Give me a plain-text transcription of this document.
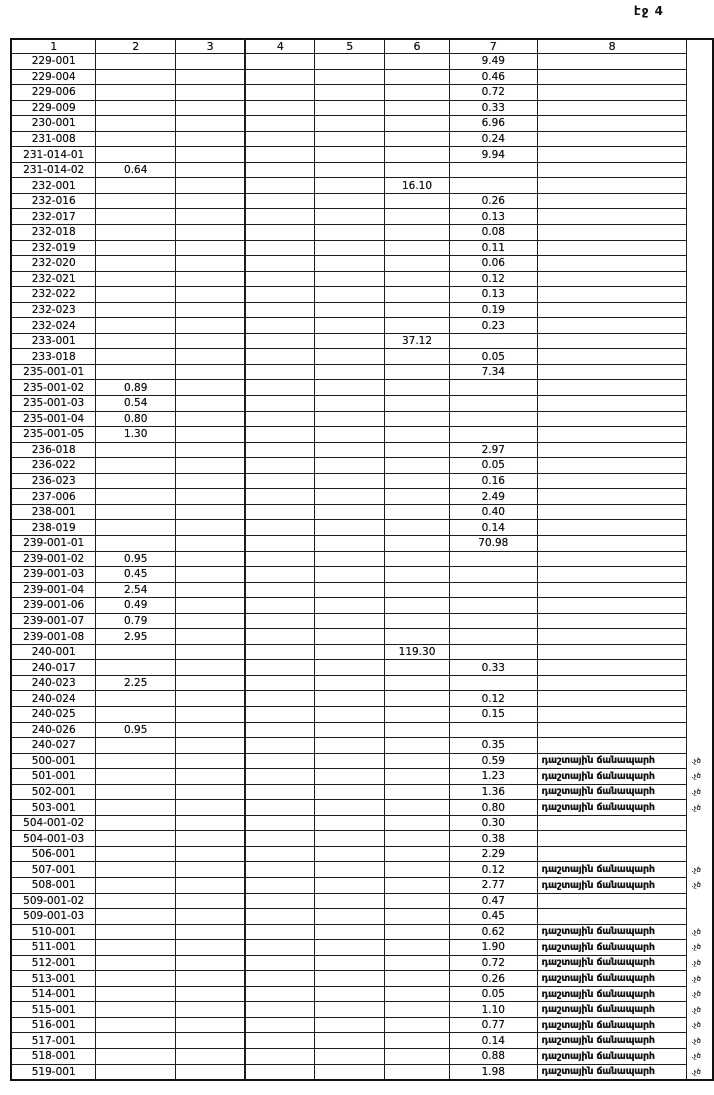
էջ 4
1	2	3	4	5	6	7	8	
229-001						9.49		
229-004						0.46		
229-006						0.72		
229-009						0.33		
230-001						6.96		
231-008						0.24		
231-014-01						9.94		
231-014-02	0.64							
232-001					16.10			
232-016						0.26		
232-017						0.13		
232-018						0.08		
232-019						0.11		
232-020						0.06		
232-021						0.12		
232-022						0.13		
232-023						0.19		
232-024						0.23		
233-001					37.12			
233-018						0.05		
235-001-01						7.34		
235-001-02	0.89							
235-001-03	0.54							
235-001-04	0.80							
235-001-05	1.30							
236-018						2.97		
236-022						0.05		
236-023						0.16		
237-006						2.49		
238-001						0.40		
238-019						0.14		
239-001-01						70.98		
239-001-02	0.95							
239-001-03	0.45							
239-001-04	2.54							
239-001-06	0.49							
239-001-07	0.79							
239-001-08	2.95							
240-001					119.30			
240-017						0.33		
240-023	2.25							
240-024						0.12		
240-025						0.15		
240-026	0.95							
240-027						0.35		
500-001						0.59	դաշտային ճանապարհ	.չծ
501-001						1.23	դաշտային ճանապարհ	.չծ
502-001						1.36	դաշտային ճանապարհ	.չծ
503-001						0.80	դաշտային ճանապարհ	.չծ
504-001-02						0.30		
504-001-03						0.38		
506-001						2.29		
507-001						0.12	դաշտային ճանապարհ	.չծ
508-001						2.77	դաշտային ճանապարհ	.չծ
509-001-02						0.47		
509-001-03						0.45		
510-001						0.62	դաշտային ճանապարհ	.չծ
511-001						1.90	դաշտային ճանապարհ	.չծ
512-001						0.72	դաշտային ճանապարհ	.չծ
513-001						0.26	դաշտային ճանապարհ	.չծ
514-001						0.05	դաշտային ճանապարհ	.չծ
515-001						1.10	դաշտային ճանապարհ	.չծ
516-001						0.77	դաշտային ճանապարհ	.չծ
517-001						0.14	դաշտային ճանապարհ	.չծ
518-001						0.88	դաշտային ճանապարհ	.չծ
519-001						1.98	դաշտային ճանապարհ	.չծ
